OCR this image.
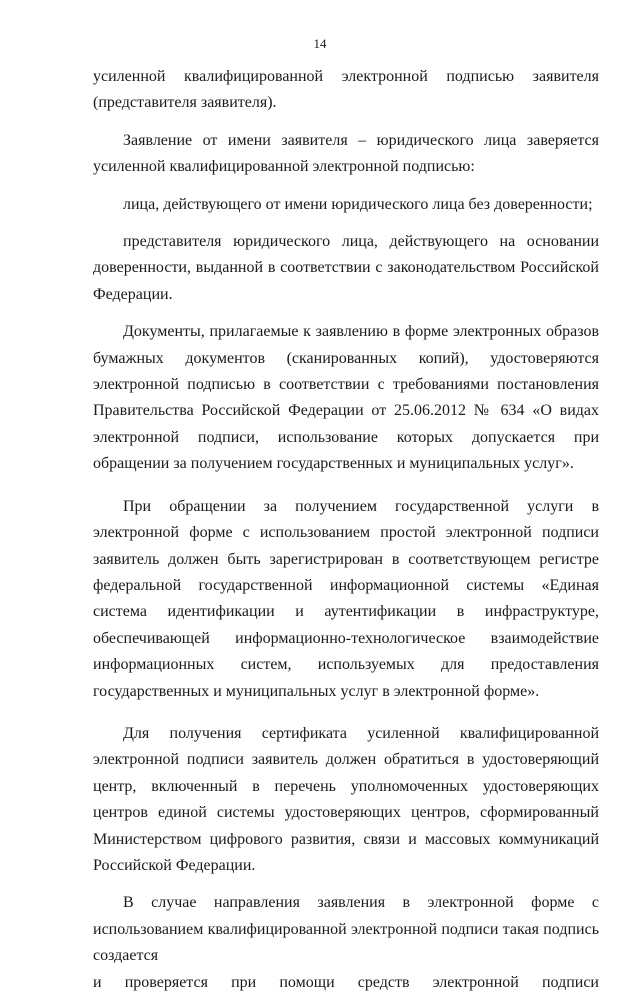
14

усиленной квалифицированной электронной подписью заявителя (представителя заявителя).

Заявление от имени заявителя – юридического лица заверяется усиленной квалифицированной электронной подписью:

лица, действующего от имени юридического лица без доверенности;

представителя юридического лица, действующего на основании доверенности, выданной в соответствии с законодательством Российской Федерации.

Документы, прилагаемые к заявлению в форме электронных образов бумажных документов (сканированных копий), удостоверяются электронной подписью в соответствии с требованиями постановления Правительства Российской Федерации от 25.06.2012 № 634 «О видах электронной подписи, использование которых допускается при обращении за получением государственных и муниципальных услуг».

При обращении за получением государственной услуги в электронной форме с использованием простой электронной подписи заявитель должен быть зарегистрирован в соответствующем регистре федеральной государственной информационной системы «Единая система идентификации и аутентификации в инфраструктуре, обеспечивающей информационно-технологическое взаимодействие информационных систем, используемых для предоставления государственных и муниципальных услуг в электронной форме».

Для получения сертификата усиленной квалифицированной электронной подписи заявитель должен обратиться в удостоверяющий центр, включенный в перечень уполномоченных удостоверяющих центров единой системы удостоверяющих центров, сформированный Министерством цифрового развития, связи и массовых коммуникаций Российской Федерации.

В случае направления заявления в электронной форме с использованием квалифицированной электронной подписи такая подпись создается

и проверяется при помощи средств электронной подписи
